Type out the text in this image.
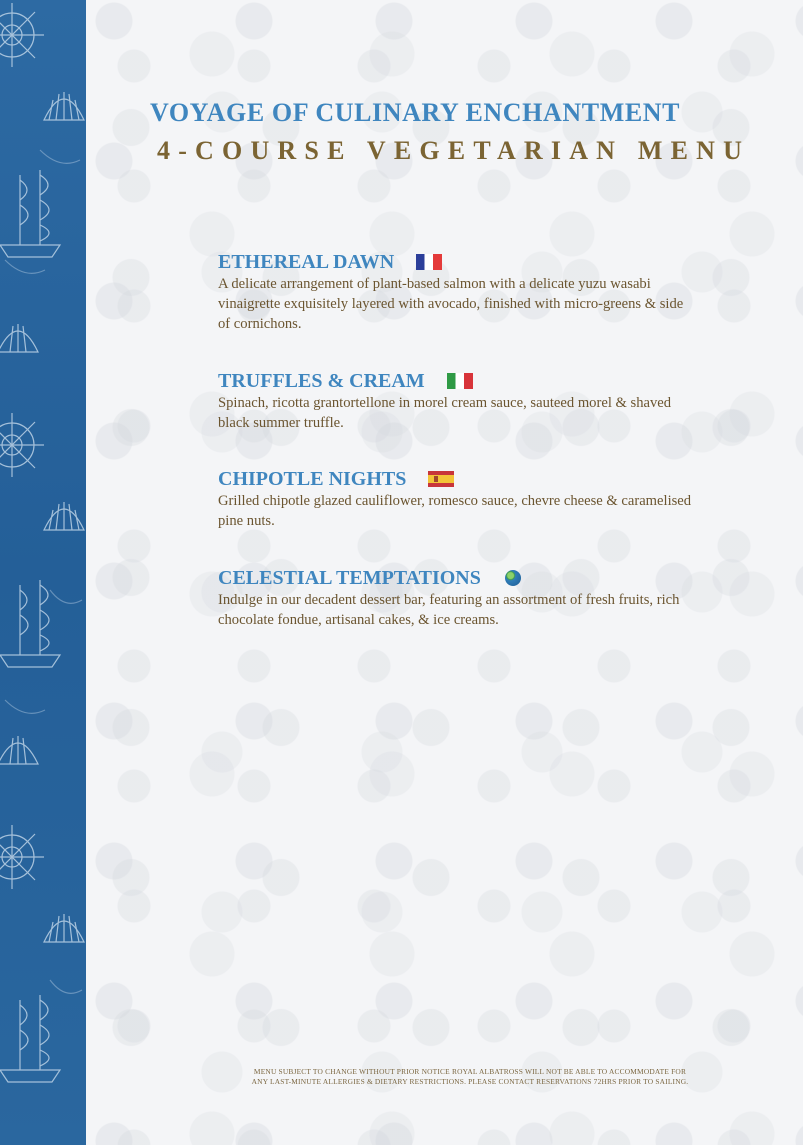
VOYAGE OF CULINARY ENCHANTMENT
4-COURSE VEGETARIAN MENU
ETHEREAL DAWN

A delicate arrangement of plant-based salmon with a delicate yuzu wasabi vinaigrette exquisitely layered with avocado, finished with micro-greens & side of cornichons.

TRUFFLES & CREAM

Spinach, ricotta grantortellone in morel cream sauce, sauteed morel & shaved black summer truffle.

CHIPOTLE NIGHTS

Grilled chipotle glazed cauliflower, romesco sauce, chevre cheese & caramelised pine nuts.

CELESTIAL TEMPTATIONS

Indulge in our decadent dessert bar, featuring an assortment of fresh fruits, rich chocolate fondue, artisanal cakes, & ice creams.

MENU SUBJECT TO CHANGE WITHOUT PRIOR NOTICE ROYAL ALBATROSS WILL NOT BE ABLE TO ACCOMMODATE FOR
ANY LAST-MINUTE ALLERGIES & DIETARY RESTRICTIONS. PLEASE CONTACT RESERVATIONS 72HRS PRIOR TO SAILING.
